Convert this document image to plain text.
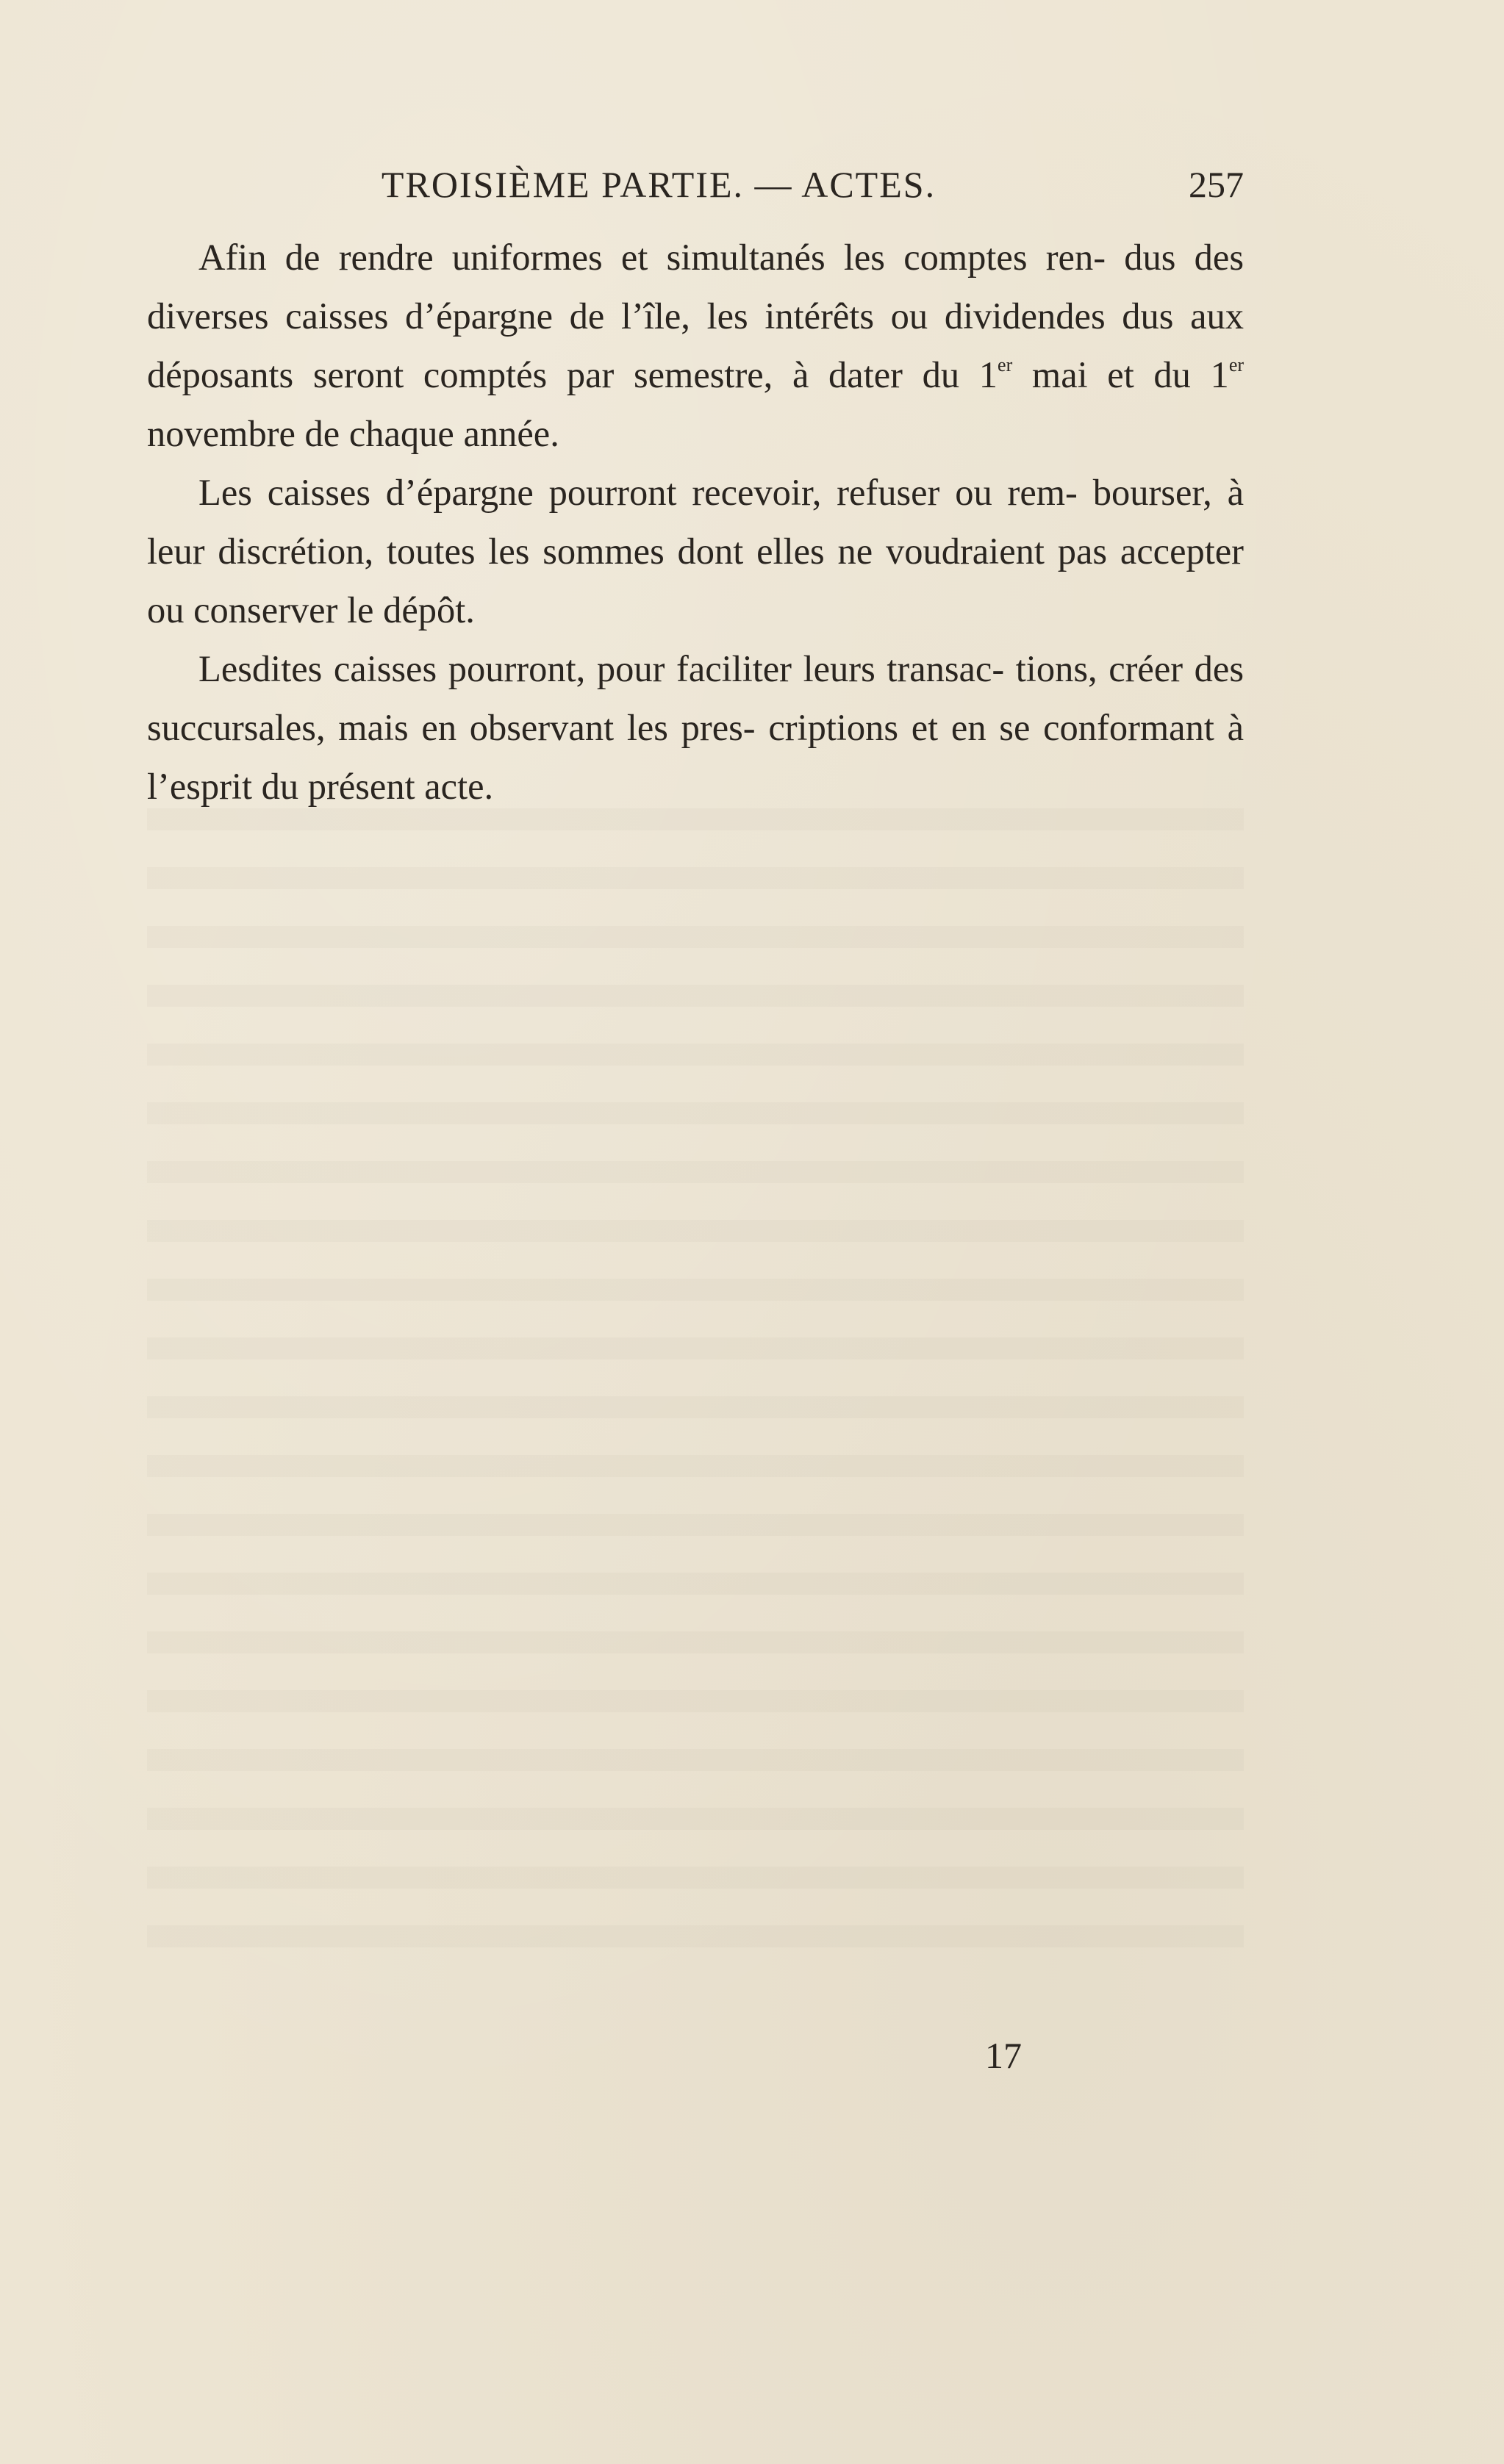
TROISIÈME PARTIE. — ACTES.	257

Afin de rendre uniformes et simultanés les comptes ren- dus des diverses caisses d’épargne de l’île, les intérêts ou dividendes dus aux déposants seront comptés par semestre, à dater du 1er mai et du 1er novembre de chaque année.

Les caisses d’épargne pourront recevoir, refuser ou rem- bourser, à leur discrétion, toutes les sommes dont elles ne voudraient pas accepter ou conserver le dépôt.

Lesdites caisses pourront, pour faciliter leurs transac- tions, créer des succursales, mais en observant les pres- criptions et en se conformant à l’esprit du présent acte.

17
